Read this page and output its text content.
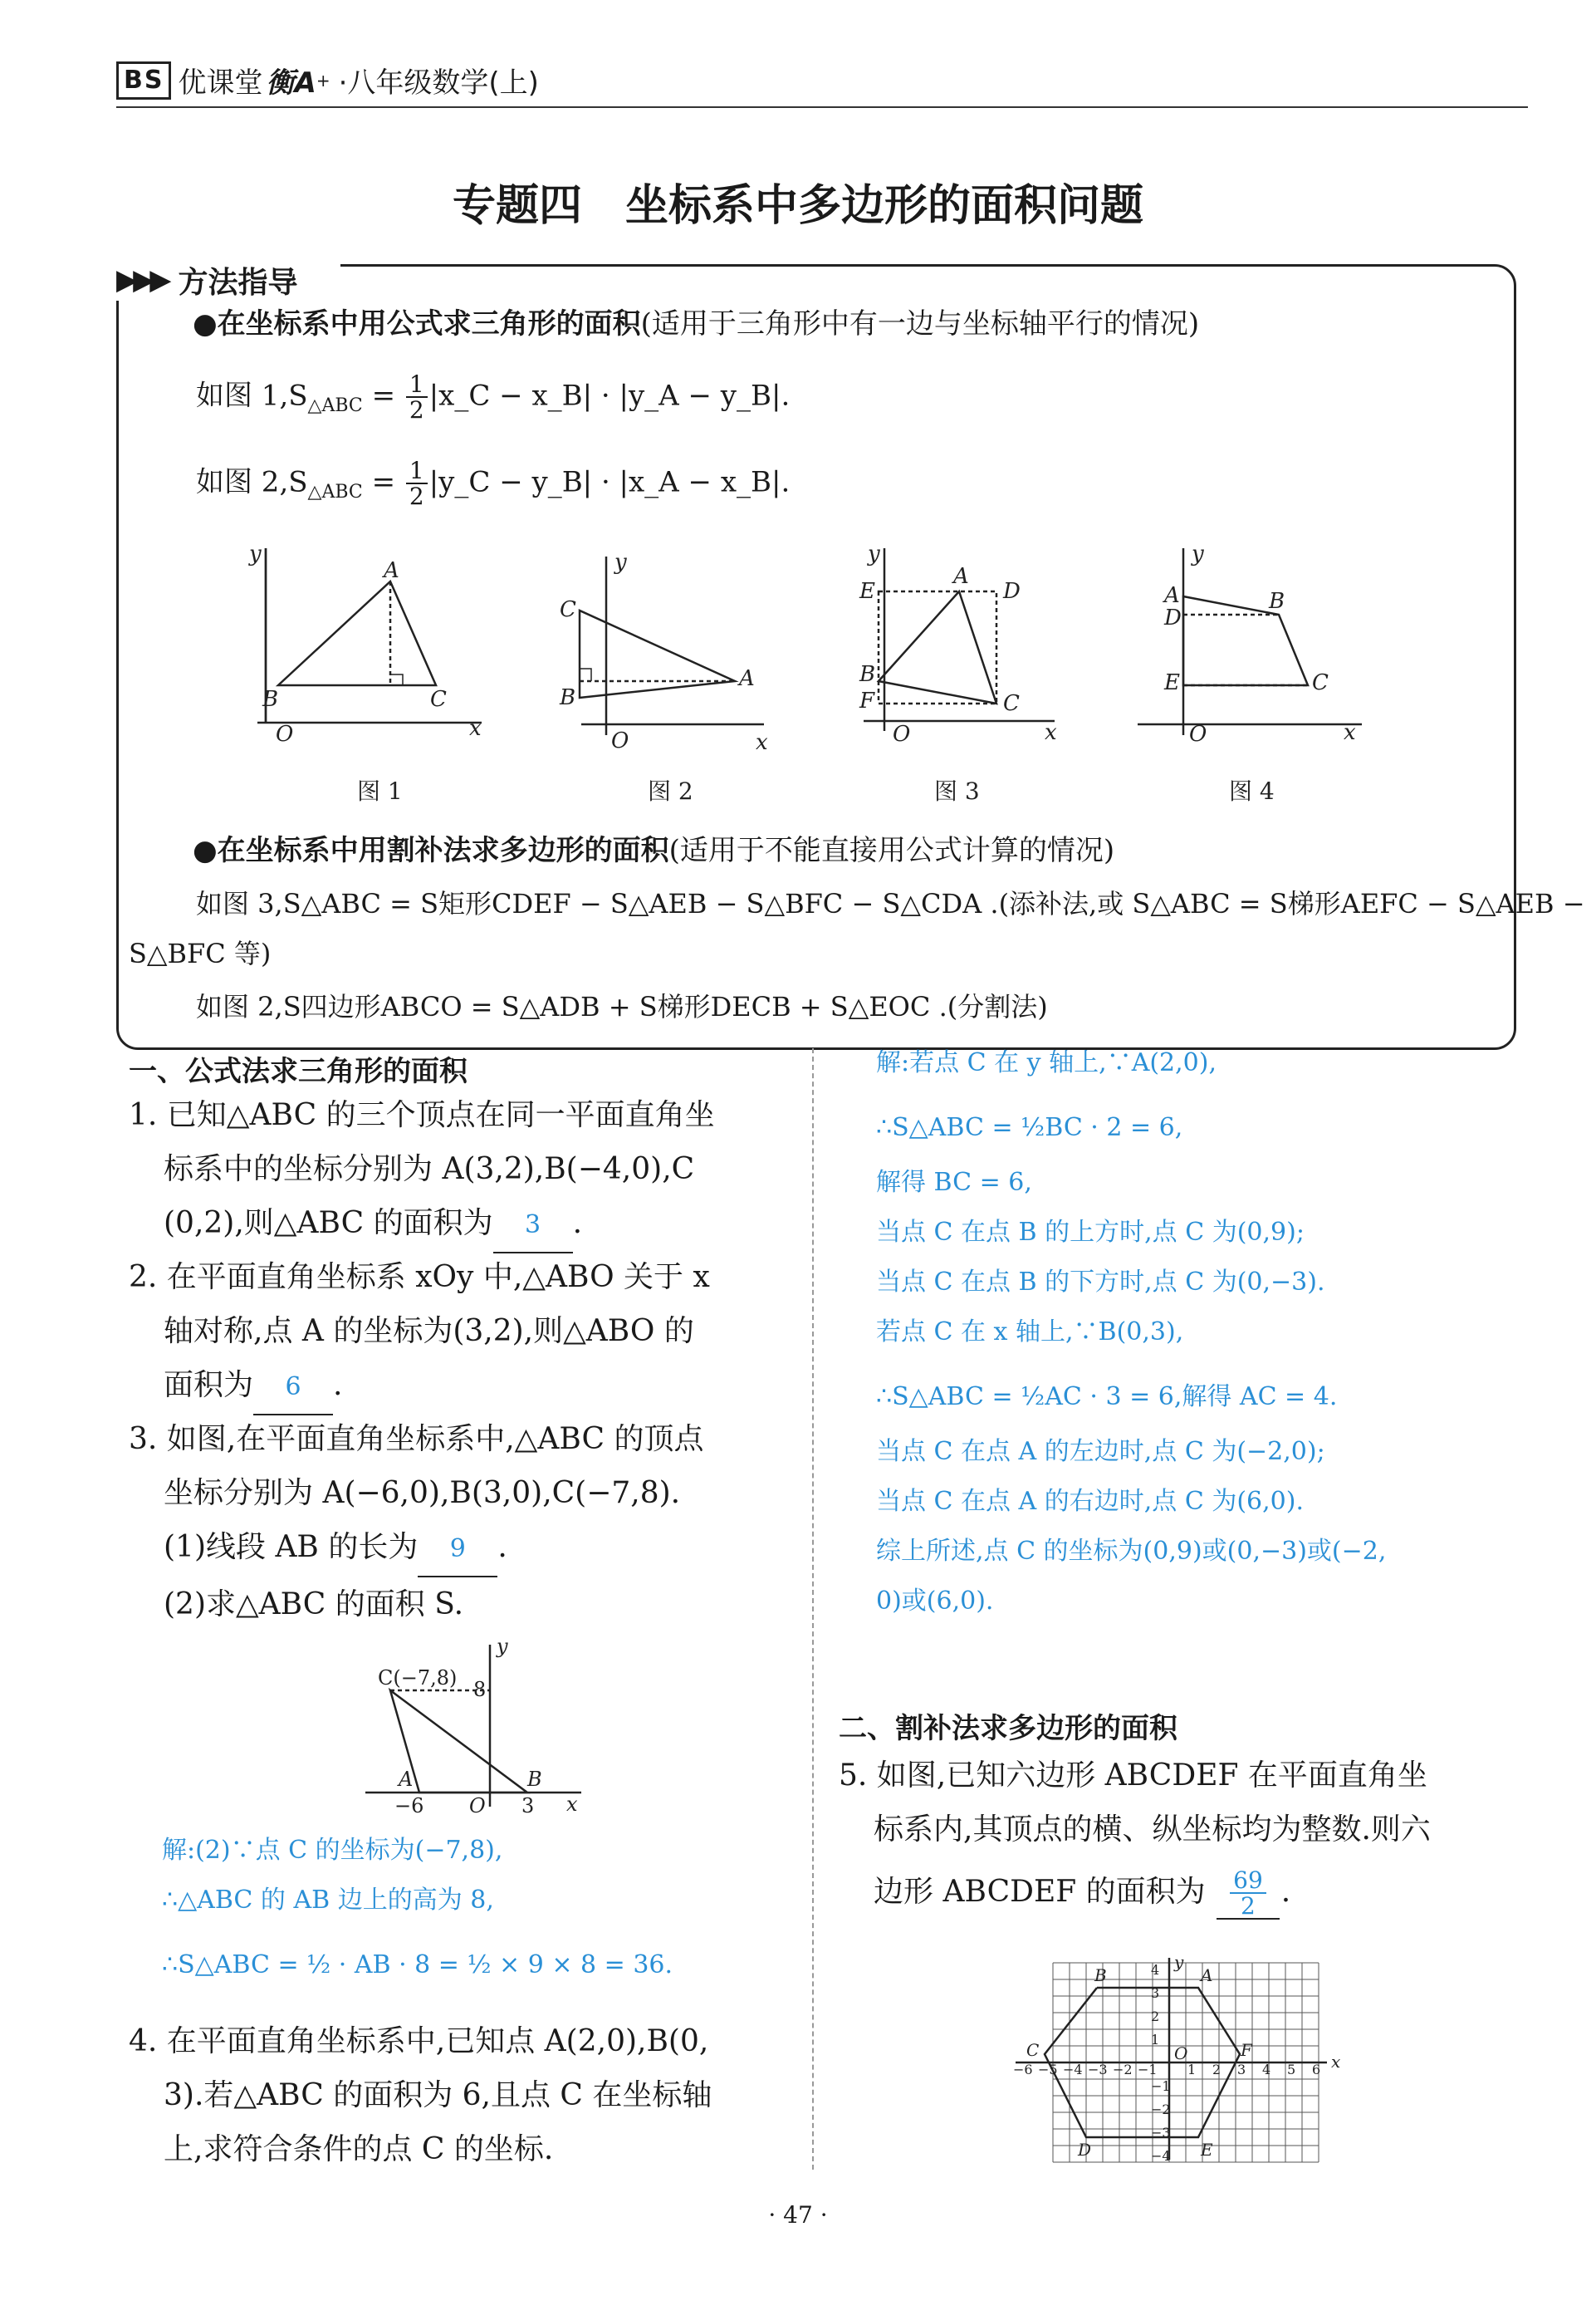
BS 优课堂 衡A + ·八年级数学(上)
专题四　坐标系中多边形的面积问题
▶▶▶ 方法指导
●在坐标系中用公式求三角形的面积(适用于三角形中有一边与坐标轴平行的情况)
如图 $1,S_{\triangle ABC} = \frac{1}{2}$ |x_C − x_B| · |y_A − y_B|.
如图 $2,S_{\triangle ABC} = \frac{1}{2}$ |y_C − y_B| · |x_A − x_B|.
y
A
B	C
O	x
y
C
B
A
O	x
y
E
A
D
B
F	C
O	x
y
A
D
B
E	C
O	x
图 1	图 2	图 3	图 4
●在坐标系中用割补法求多边形的面积(适用于不能直接用公式计算的情况)
如图 3,S△ABC = S矩形CDEF − S△AEB − S△BFC − S△CDA .(添补法,或 S△ABC = S梯形AEFC − S△AEB −
S△BFC 等)
如图 2,S四边形ABCO = S△ADB + S梯形DECB + S△EOC .(分割法)
一、公式法求三角形的面积
1. 已知△ABC 的三个顶点在同一平面直角坐
标系中的坐标分别为 A(3,2),B(−4,0),C
(0,2),则△ABC 的面积为 3 .
2. 在平面直角坐标系 xOy 中,△ABO 关于 x
轴对称,点 A 的坐标为(3,2),则△ABO 的
面积为 6 .
3. 如图,在平面直角坐标系中,△ABC 的顶点
坐标分别为 A(−6,0),B(3,0),C(−7,8).
(1)线段 AB 的长为 9 .
(2)求△ABC 的面积 S.
y
C(−7,8) 8
A	B
−6 O 3 x
解:(2)∵点 C 的坐标为(−7,8),
∴△ABC 的 AB 边上的高为 8,
∴S△ABC = ½ · AB · 8 = ½ × 9 × 8 = 36.
4. 在平面直角坐标系中,已知点 A(2,0),B(0,
3).若△ABC 的面积为 6,且点 C 在坐标轴
上,求符合条件的点 C 的坐标.
解:若点 C 在 y 轴上,∵A(2,0),
∴S△ABC = ½BC · 2 = 6,
解得 BC = 6,
当点 C 在点 B 的上方时,点 C 为(0,9);
当点 C 在点 B 的下方时,点 C 为(0,−3).
若点 C 在 x 轴上,∵B(0,3),
∴S△ABC = ½AC · 3 = 6,解得 AC = 4.
当点 C 在点 A 的左边时,点 C 为(−2,0);
当点 C 在点 A 的右边时,点 C 为(6,0).
综上所述,点 C 的坐标为(0,9)或(0,−3)或(−2,
0)或(6,0).
二、割补法求多边形的面积
5. 如图,已知六边形 ABCDEF 在平面直角坐
标系内,其顶点的横、纵坐标均为整数.则六
边形 ABCDEF 的面积为 $\frac{69}{2}$ .
B	A
C	F
D	E
O	x
y
−6 −5 −4 −3 −2 −1 1 2 3 4 5 6
4
3
2
1
−1
−2
−3
−4
· 47 ·
